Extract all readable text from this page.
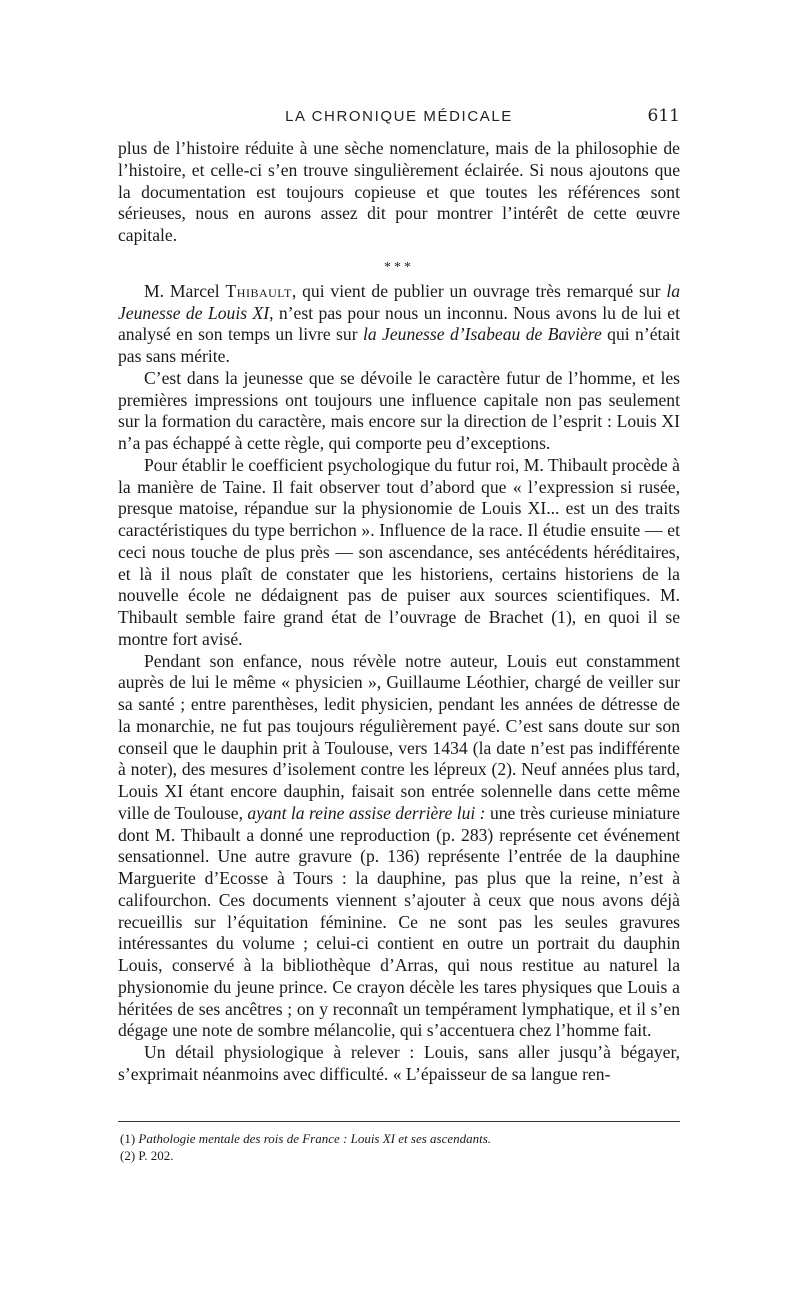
LA CHRONIQUE MÉDICALE	611

plus de l’histoire réduite à une sèche nomenclature, mais de la philosophie de l’histoire, et celle-ci s’en trouve singulièrement éclairée. Si nous ajoutons que la documentation est toujours copieuse et que toutes les références sont sérieuses, nous en aurons assez dit pour montrer l’intérêt de cette œuvre capitale.

***

M. Marcel Thibault, qui vient de publier un ouvrage très remarqué sur la Jeunesse de Louis XI, n’est pas pour nous un inconnu. Nous avons lu de lui et analysé en son temps un livre sur la Jeunesse d’Isabeau de Bavière qui n’était pas sans mérite.

C’est dans la jeunesse que se dévoile le caractère futur de l’homme, et les premières impressions ont toujours une influence capitale non pas seulement sur la formation du caractère, mais encore sur la direction de l’esprit : Louis XI n’a pas échappé à cette règle, qui comporte peu d’exceptions.

Pour établir le coefficient psychologique du futur roi, M. Thibault procède à la manière de Taine. Il fait observer tout d’abord que « l’expression si rusée, presque matoise, répandue sur la physionomie de Louis XI... est un des traits caractéristiques du type berrichon ». Influence de la race. Il étudie ensuite — et ceci nous touche de plus près — son ascendance, ses antécédents héréditaires, et là il nous plaît de constater que les historiens, certains historiens de la nouvelle école ne dédaignent pas de puiser aux sources scientifiques. M. Thibault semble faire grand état de l’ouvrage de Brachet (1), en quoi il se montre fort avisé.

Pendant son enfance, nous révèle notre auteur, Louis eut constamment auprès de lui le même « physicien », Guillaume Léothier, chargé de veiller sur sa santé ; entre parenthèses, ledit physicien, pendant les années de détresse de la monarchie, ne fut pas toujours régulièrement payé. C’est sans doute sur son conseil que le dauphin prit à Toulouse, vers 1434 (la date n’est pas indifférente à noter), des mesures d’isolement contre les lépreux (2). Neuf années plus tard, Louis XI étant encore dauphin, faisait son entrée solennelle dans cette même ville de Toulouse, ayant la reine assise derrière lui : une très curieuse miniature dont M. Thibault a donné une reproduction (p. 283) représente cet événement sensationnel. Une autre gravure (p. 136) représente l’entrée de la dauphine Marguerite d’Ecosse à Tours : la dauphine, pas plus que la reine, n’est à califourchon. Ces documents viennent s’ajouter à ceux que nous avons déjà recueillis sur l’équitation féminine. Ce ne sont pas les seules gravures intéressantes du volume ; celui-ci contient en outre un portrait du dauphin Louis, conservé à la bibliothèque d’Arras, qui nous restitue au naturel la physionomie du jeune prince. Ce crayon décèle les tares physiques que Louis a héritées de ses ancêtres ; on y reconnaît un tempérament lymphatique, et il s’en dégage une note de sombre mélancolie, qui s’accentuera chez l’homme fait.

Un détail physiologique à relever : Louis, sans aller jusqu’à bégayer, s’exprimait néanmoins avec difficulté. « L’épaisseur de sa langue ren-

(1) Pathologie mentale des rois de France : Louis XI et ses ascendants.

(2) P. 202.
